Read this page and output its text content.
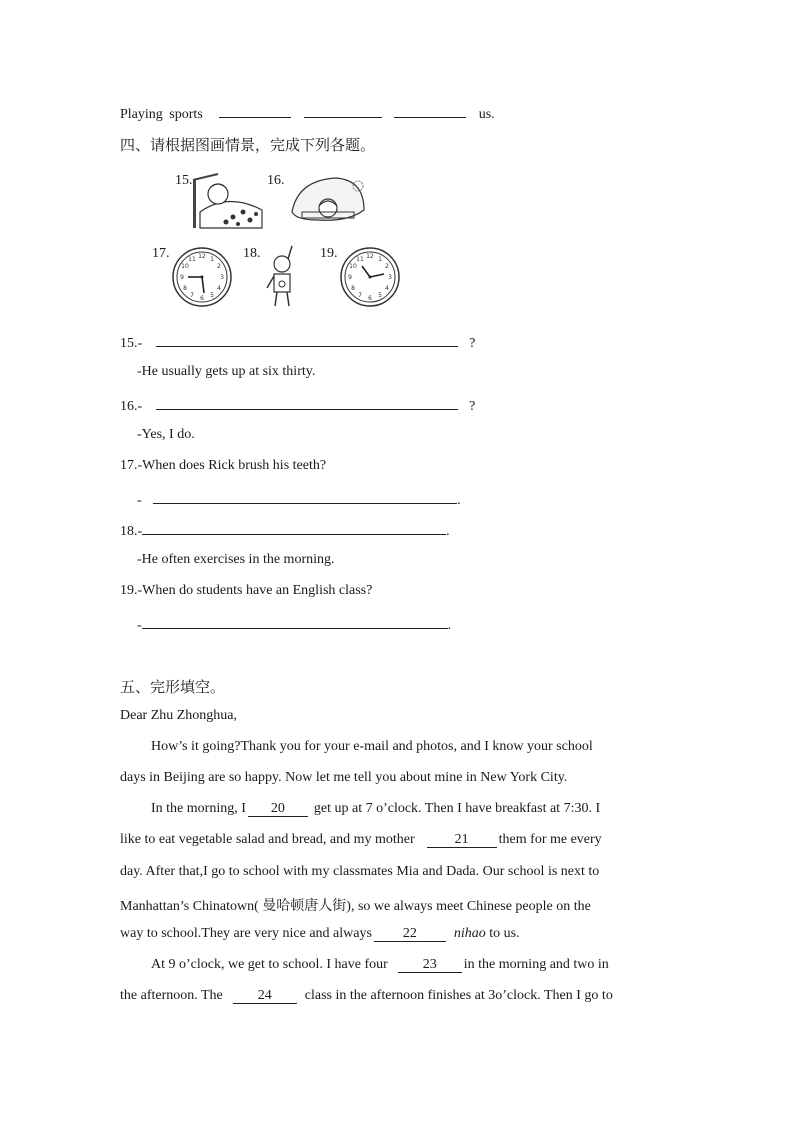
Playing sports	us.
四、请根据图画情景，完成下列各题。
15.	16.
17.	12 1
2
3
4
5
6
7
8
9
10
11	18.	19.	12 1
2
3
4
5
6
7
8
9
10
11
15.-	?
-He usually gets up at six thirty.
16.-	?
-Yes, I do.
17.-When does Rick brush his teeth?
-	.
18.-	.
-He often exercises in the morning.
19.-When do students have an English class?
-	.
五、完形填空。
Dear Zhu Zhonghua,
How’s it going?Thank you for your e-mail and photos, and I know your school
days in Beijing are so happy. Now let me tell you about mine in New York City.
In the morning, I 20 get up at 7 o’clock. Then I have breakfast at 7:30. I
like to eat vegetable salad and bread, and my mother	21 them for me every
day. After that,I go to school with my classmates Mia and Dada. Our school is next to
Manhattan’s Chinatown( 曼哈顿唐人街), so we always meet Chinese people on the
way to school.They are very nice and always 22	nihao to us.
At 9 o’clock, we get to school. I have four	23 in the morning and two in
the afternoon. The	24 class in the afternoon finishes at 3o’clock. Then I go to
